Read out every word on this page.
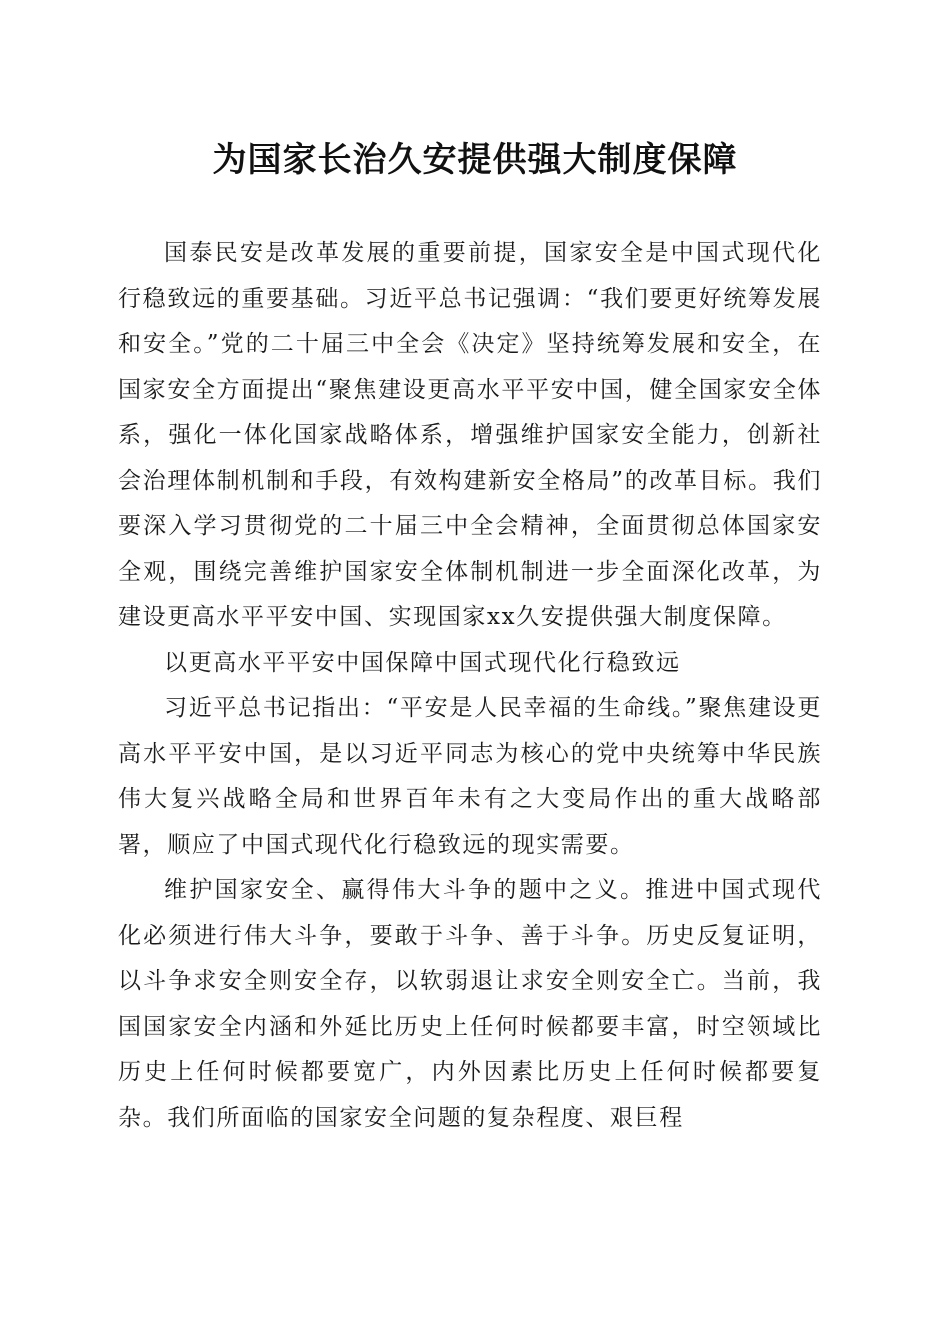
为国家长治久安提供强大制度保障

国泰民安是改革发展的重要前提，国家安全是中国式现代化行稳致远的重要基础。习近平总书记强调：“我们要更好统筹发展和安全。”党的二十届三中全会《决定》坚持统筹发展和安全，在国家安全方面提出“聚焦建设更高水平平安中国，健全国家安全体系，强化一体化国家战略体系，增强维护国家安全能力，创新社会治理体制机制和手段，有效构建新安全格局”的改革目标。我们要深入学习贯彻党的二十届三中全会精神，全面贯彻总体国家安全观，围绕完善维护国家安全体制机制进一步全面深化改革，为建设更高水平平安中国、实现国家xx久安提供强大制度保障。

以更高水平平安中国保障中国式现代化行稳致远

习近平总书记指出：“平安是人民幸福的生命线。”聚焦建设更高水平平安中国，是以习近平同志为核心的党中央统筹中华民族伟大复兴战略全局和世界百年未有之大变局作出的重大战略部署，顺应了中国式现代化行稳致远的现实需要。

维护国家安全、赢得伟大斗争的题中之义。推进中国式现代化必须进行伟大斗争，要敢于斗争、善于斗争。历史反复证明，以斗争求安全则安全存，以软弱退让求安全则安全亡。当前，我国国家安全内涵和外延比历史上任何时候都要丰富，时空领域比历史上任何时候都要宽广，内外因素比历史上任何时候都要复杂。我们所面临的国家安全问题的复杂程度、艰巨程
